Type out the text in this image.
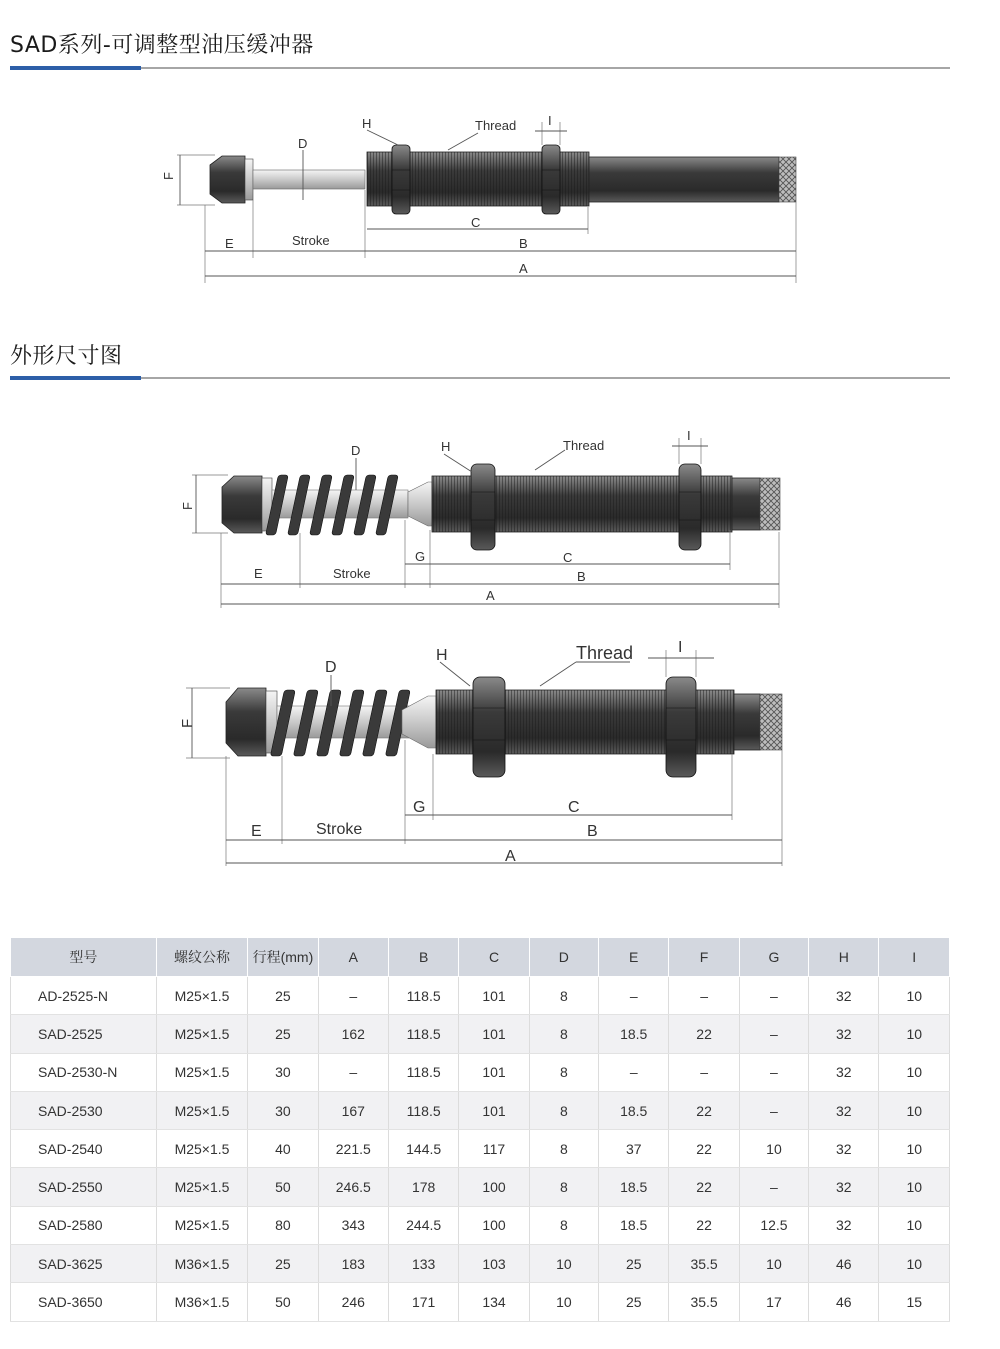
SAD系列-可调整型油压缓冲器
F
D
H	Thread I
C
E	Stroke	B
A
外形尺寸图
F
D	H	Thread
I
G	C
E	Stroke	B
A
F
D
H	Thread	I
G	C
E	Stroke	B
A
型号	螺纹公称	行程(mm)	A	B	C	D	E	F	G	H	I
AD-2525-N	M25×1.5	25	–	118.5	101	8	–	–	–	32	10
SAD-2525	M25×1.5	25	162	118.5	101	8	18.5	22	–	32	10
SAD-2530-N	M25×1.5	30	–	118.5	101	8	–	–	–	32	10
SAD-2530	M25×1.5	30	167	118.5	101	8	18.5	22	–	32	10
SAD-2540	M25×1.5	40	221.5	144.5	117	8	37	22	10	32	10
SAD-2550	M25×1.5	50	246.5	178	100	8	18.5	22	–	32	10
SAD-2580	M25×1.5	80	343	244.5	100	8	18.5	22	12.5	32	10
SAD-3625	M36×1.5	25	183	133	103	10	25	35.5	10	46	10
SAD-3650	M36×1.5	50	246	171	134	10	25	35.5	17	46	15
